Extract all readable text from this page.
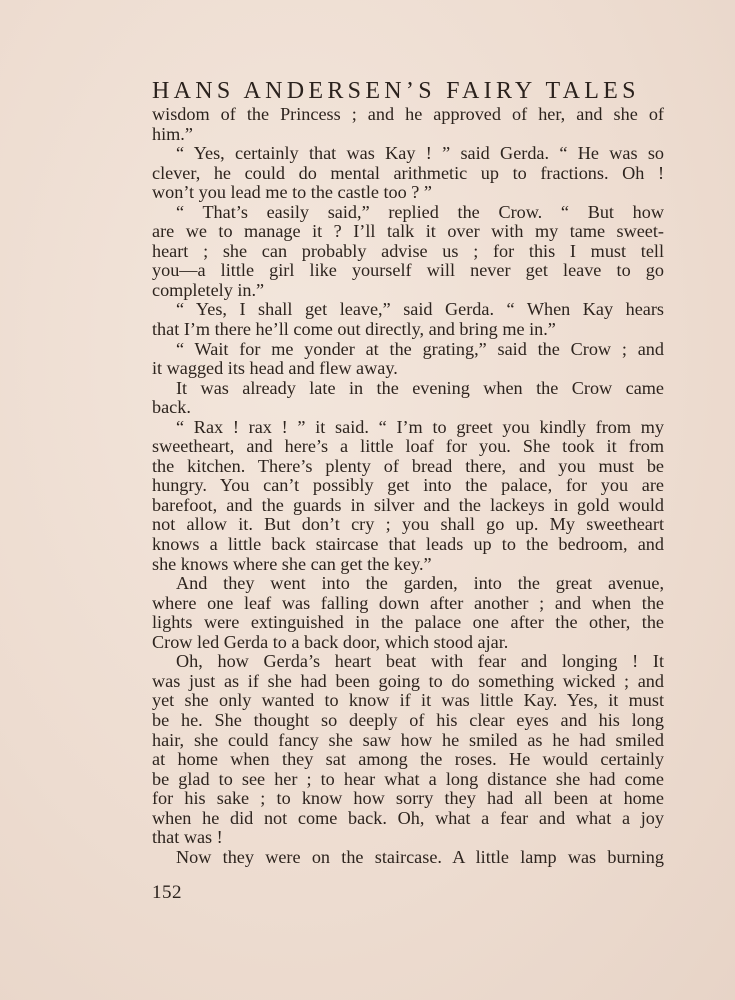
HANS ANDERSEN’S FAIRY TALES
wisdom of the Princess ; and he approved of her, and she of
him.”
“ Yes, certainly that was Kay ! ” said Gerda. “ He was so
clever, he could do mental arithmetic up to fractions. Oh !
won’t you lead me to the castle too ? ”
“ That’s easily said,” replied the Crow. “ But how
are we to manage it ? I’ll talk it over with my tame sweet-
heart ; she can probably advise us ; for this I must tell
you—a little girl like yourself will never get leave to go
completely in.”
“ Yes, I shall get leave,” said Gerda. “ When Kay hears
that I’m there he’ll come out directly, and bring me in.”
“ Wait for me yonder at the grating,” said the Crow ; and
it wagged its head and flew away.
It was already late in the evening when the Crow came
back.
“ Rax ! rax ! ” it said. “ I’m to greet you kindly from my
sweetheart, and here’s a little loaf for you. She took it from
the kitchen. There’s plenty of bread there, and you must be
hungry. You can’t possibly get into the palace, for you are
barefoot, and the guards in silver and the lackeys in gold would
not allow it. But don’t cry ; you shall go up. My sweetheart
knows a little back staircase that leads up to the bedroom, and
she knows where she can get the key.”
And they went into the garden, into the great avenue,
where one leaf was falling down after another ; and when the
lights were extinguished in the palace one after the other, the
Crow led Gerda to a back door, which stood ajar.
Oh, how Gerda’s heart beat with fear and longing ! It
was just as if she had been going to do something wicked ; and
yet she only wanted to know if it was little Kay. Yes, it must
be he. She thought so deeply of his clear eyes and his long
hair, she could fancy she saw how he smiled as he had smiled
at home when they sat among the roses. He would certainly
be glad to see her ; to hear what a long distance she had come
for his sake ; to know how sorry they had all been at home
when he did not come back. Oh, what a fear and what a joy
that was !
Now they were on the staircase. A little lamp was burning
152
